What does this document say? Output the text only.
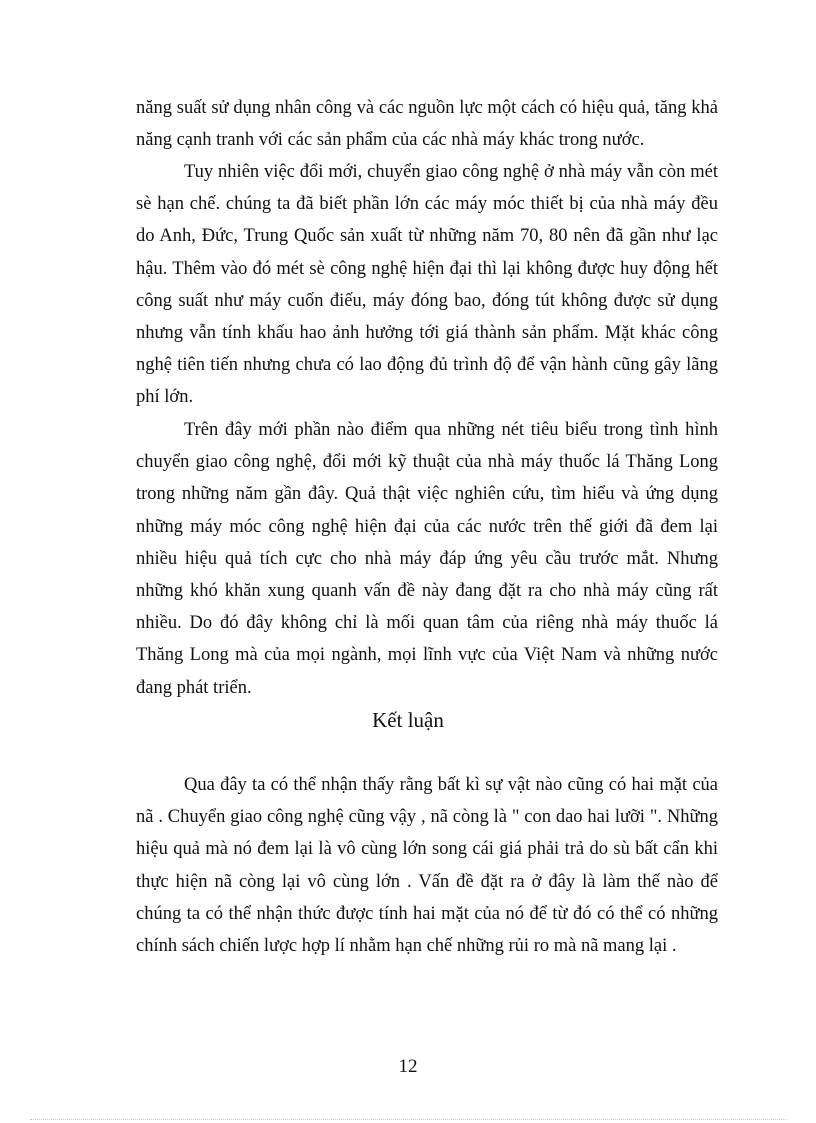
năng suất sử dụng nhân công và các nguồn lực một cách có hiệu quả, tăng khả năng cạnh tranh với các sản phẩm của các nhà máy khác trong nước.

Tuy nhiên việc đổi mới, chuyển giao công nghệ ở nhà máy vẫn còn mét sè hạn chế. chúng ta đã biết phần lớn các máy móc thiết bị của nhà máy đều do Anh, Đức, Trung Quốc sản xuất từ những năm 70, 80 nên đã gần như lạc hậu. Thêm vào đó mét sè công nghệ hiện đại thì lại không được huy động hết công suất như máy cuốn điếu, máy đóng bao, đóng tút không được sử dụng nhưng vẫn tính khấu hao ảnh hưởng tới giá thành sản phẩm. Mặt khác công nghệ tiên tiến nhưng chưa có lao động đủ trình độ để vận hành cũng gây lãng phí lớn.

Trên đây mới phần nào điểm qua những nét tiêu biểu trong tình hình chuyển giao công nghệ, đổi mới kỹ thuật của nhà máy thuốc lá Thăng Long trong những năm gần đây. Quả thật việc nghiên cứu, tìm hiểu và ứng dụng những máy móc công nghệ hiện đại của các nước trên thế giới đã đem lại nhiều hiệu quả tích cực cho nhà máy đáp ứng yêu cầu trước mắt. Nhưng những khó khăn xung quanh vấn đề này đang đặt ra cho nhà máy cũng rất nhiều. Do đó đây không chỉ là mối quan tâm của riêng nhà máy thuốc lá Thăng Long mà của mọi ngành, mọi lĩnh vực của Việt Nam và những nước đang phát triển.

Kết luận

Qua đây ta có thể nhận thấy rằng bất kì sự vật nào cũng có hai mặt của nã . Chuyển giao công nghệ cũng vậy , nã còng là " con dao hai lưỡi ". Những hiệu quả mà nó đem lại là vô cùng lớn song cái giá phải trả do sù bất cẩn khi thực hiện nã còng lại vô cùng lớn . Vấn đề đặt ra ở đây là làm thế nào để chúng ta có thể nhận thức được tính hai mặt của nó để từ đó có thể có những chính sách chiến lược hợp lí nhằm hạn chế những rủi ro mà nã mang lại .

12
